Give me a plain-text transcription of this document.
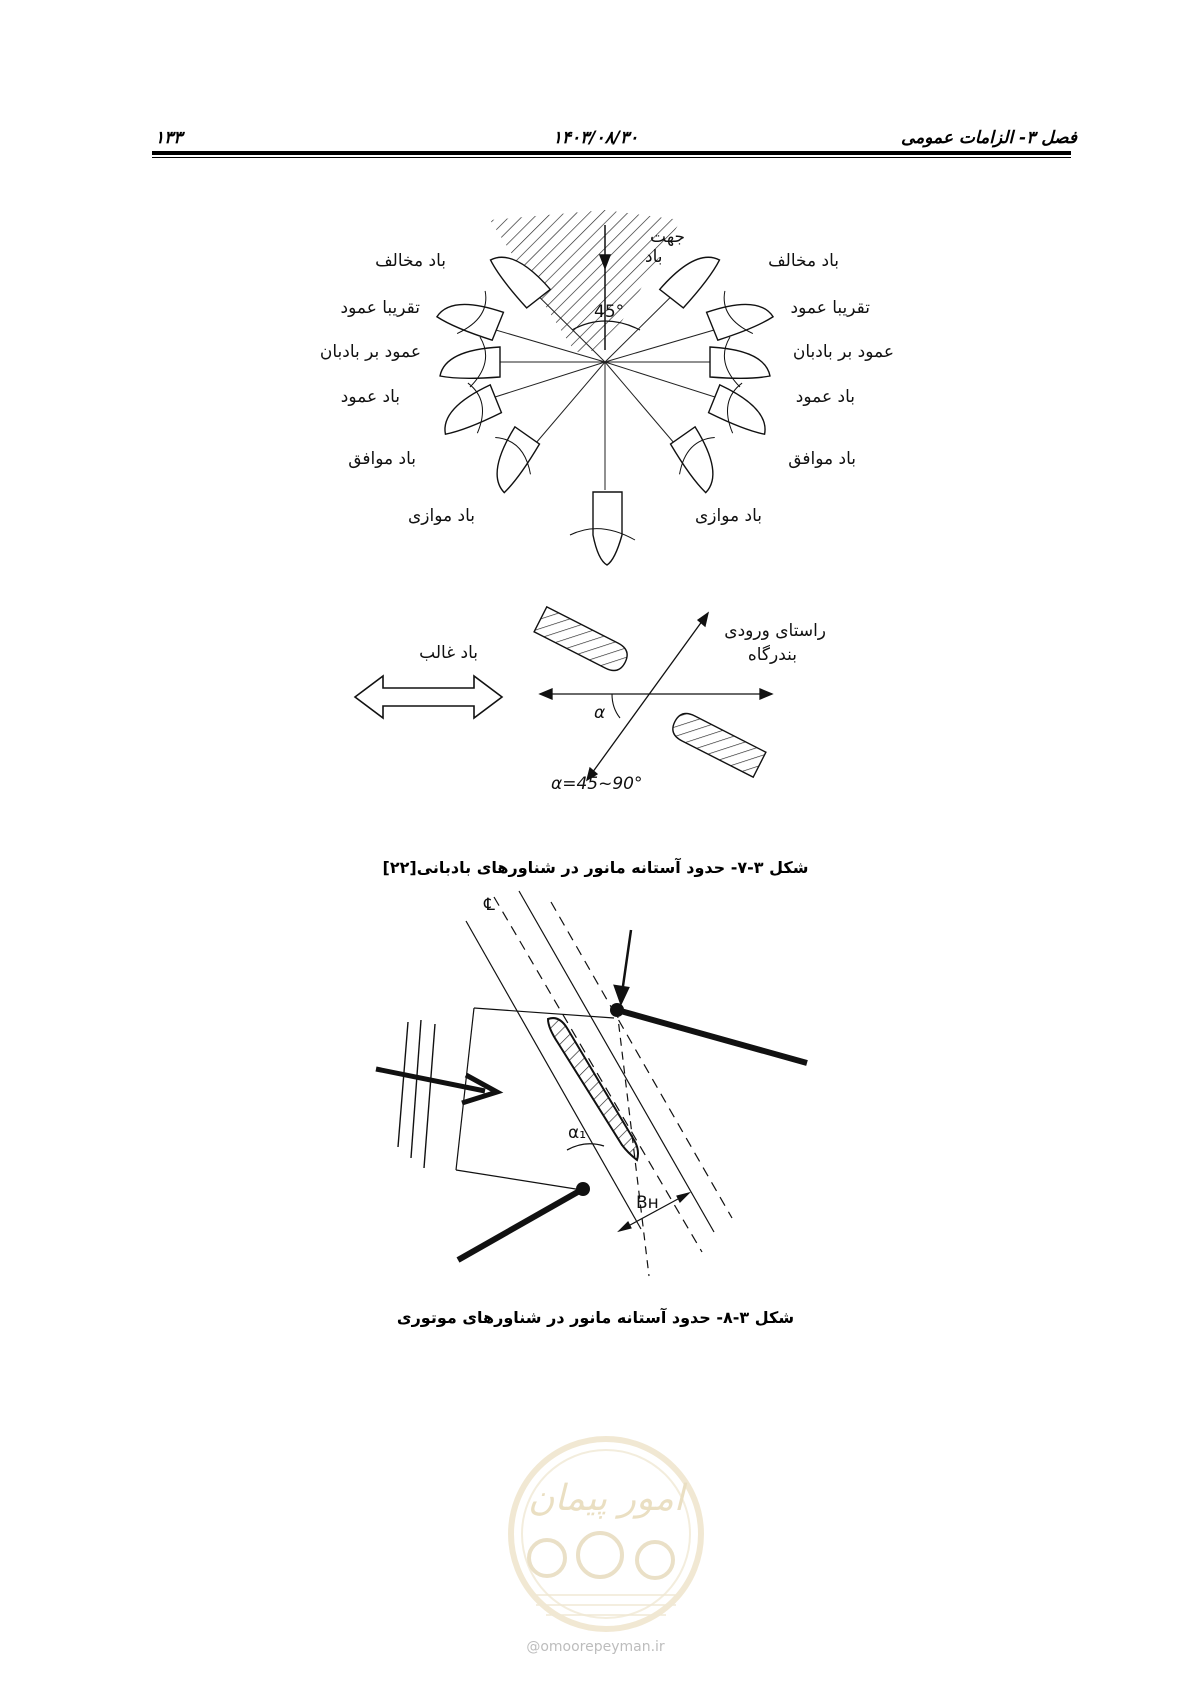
فصل ۳- الزامات عمومی
۱۴۰۳/۰۸/۳۰
۱۳۳
جهت
باد
45°
باد مخالف
تقریبا عمود
عمود بر بادبان
باد عمود
باد موافق
باد موازی
باد مخالف
تقریبا عمود
عمود بر بادبان
باد عمود
باد موافق
باد موازی
باد غالب
α
راستای ورودی
بندرگاه
α=45~90°
℄
α₁
Bн
امور پیمان
شکل ۳-۷- حدود آستانه مانور در شناورهای بادبانی[۲۲]
شکل ۳-۸- حدود آستانه مانور در شناورهای موتوری
@omoorepeyman.ir
